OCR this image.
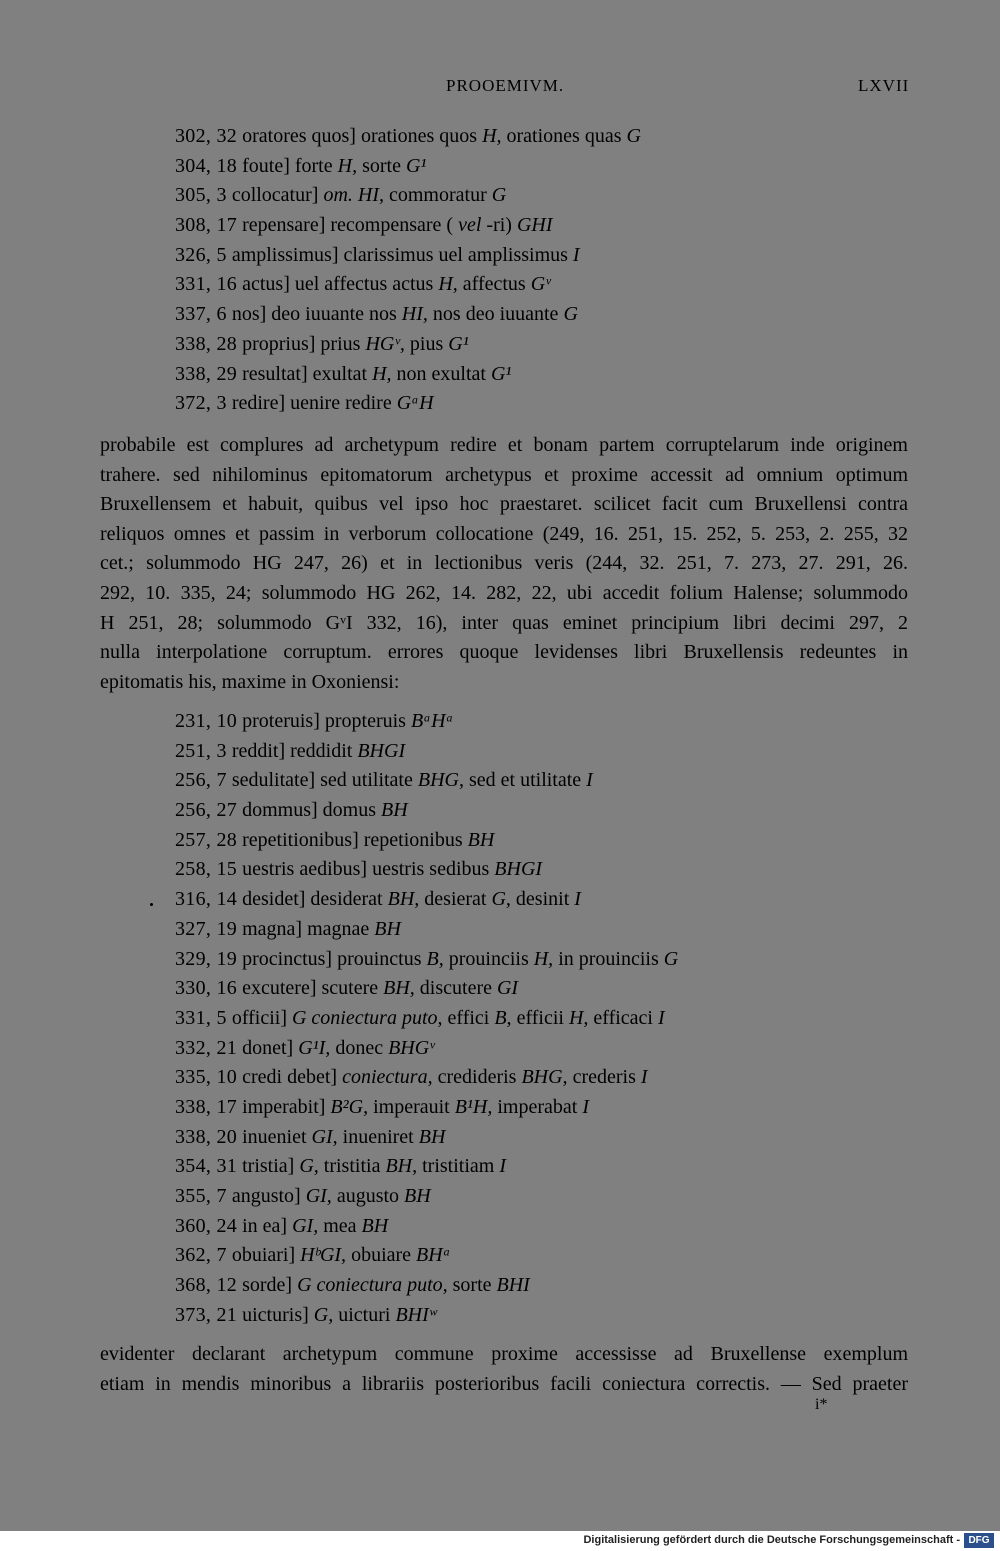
PROOEMIVM.	LXVII
302, 32 oratores quos] orationes quos H, orationes quas G
304, 18 foute] forte H, sorte G¹
305, 3 collocatur] om. HI, commoratur G
308, 17 repensare] recompensare ( vel -ri) GHI
326, 5 amplissimus] clarissimus uel amplissimus I
331, 16 actus] uel affectus actus H, affectus Gᵛ
337, 6 nos] deo iuuante nos HI, nos deo iuuante G
338, 28 proprius] prius HGᵛ, pius G¹
338, 29 resultat] exultat H, non exultat G¹
372, 3 redire] uenire redire GᵃH
probabile est complures ad archetypum redire et bonam partem corruptelarum inde originem
trahere. sed nihilominus epitomatorum archetypus et proxime accessit ad omnium optimum
Bruxellensem et habuit, quibus vel ipso hoc praestaret. scilicet facit cum Bruxellensi contra
reliquos omnes et passim in verborum collocatione (249, 16. 251, 15. 252, 5. 253, 2. 255, 32
cet.; solummodo HG 247, 26) et in lectionibus veris (244, 32. 251, 7. 273, 27. 291, 26.
292, 10. 335, 24; solummodo HG 262, 14. 282, 22, ubi accedit folium Halense; solummodo
H 251, 28; solummodo GᵛI 332, 16), inter quas eminet principium libri decimi 297, 2
nulla interpolatione corruptum. errores quoque levidenses libri Bruxellensis redeuntes in
epitomatis his, maxime in Oxoniensi:
231, 10 proteruis] propteruis BᵃHᵃ
251, 3 reddit] reddidit BHGI
256, 7 sedulitate] sed utilitate BHG, sed et utilitate I
256, 27 dommus] domus BH
257, 28 repetitionibus] repetionibus BH
258, 15 uestris aedibus] uestris sedibus BHGI
316, 14 desidet] desiderat BH, desierat G, desinit I
327, 19 magna] magnae BH
329, 19 procinctus] prouinctus B, prouinciis H, in prouinciis G
330, 16 excutere] scutere BH, discutere GI
331, 5 officii] G coniectura puto, effici B, efficii H, efficaci I
332, 21 donet] G¹I, donec BHGᵛ
335, 10 credi debet] coniectura, credideris BHG, crederis I
338, 17 imperabit] B²G, imperauit B¹H, imperabat I
338, 20 inueniet GI, inueniret BH
354, 31 tristia] G, tristitia BH, tristitiam I
355, 7 angusto] GI, augusto BH
360, 24 in ea] GI, mea BH
362, 7 obuiari] HᵇGI, obuiare BHᵃ
368, 12 sorde] G coniectura puto, sorte BHI
373, 21 uicturis] G, uicturi BHIʷ
evidenter declarant archetypum commune proxime accessisse ad Bruxellense exemplum
etiam in mendis minoribus a librariis posterioribus facili coniectura correctis. — Sed praeter
i*
Digitalisierung gefördert durch die Deutsche Forschungsgemeinschaft - DFG
